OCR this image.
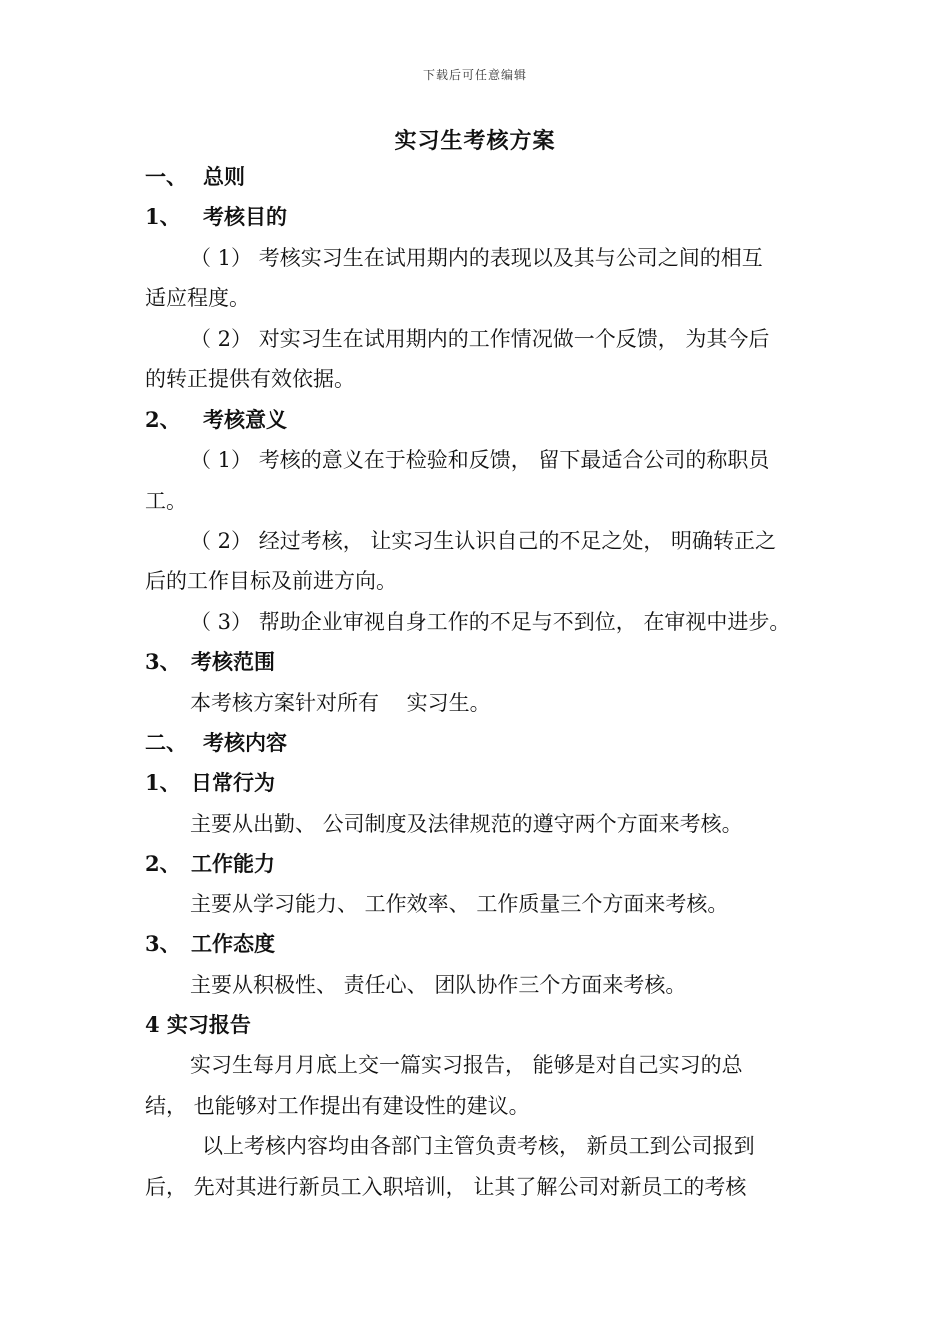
下载后可任意编辑
实习生考核方案
一、 总则
1、 考核目的
（ 1） 考核实习生在试用期内的表现以及其与公司之间的相互
适应程度。
（ 2） 对实习生在试用期内的工作情况做一个反馈， 为其今后
的转正提供有效依据。
2、 考核意义
（ 1） 考核的意义在于检验和反馈， 留下最适合公司的称职员
工。
（ 2） 经过考核， 让实习生认识自己的不足之处， 明确转正之
后的工作目标及前进方向。
（ 3） 帮助企业审视自身工作的不足与不到位， 在审视中进步。
3、 考核范围
本考核方案针对所有 　实习生。
二、 考核内容
1、 日常行为
主要从出勤、 公司制度及法律规范的遵守两个方面来考核。
2、 工作能力
主要从学习能力、 工作效率、 工作质量三个方面来考核。
3、 工作态度
主要从积极性、 责任心、 团队协作三个方面来考核。
4 实习报告
实习生每月月底上交一篇实习报告， 能够是对自己实习的总
结， 也能够对工作提出有建设性的建议。
以上考核内容均由各部门主管负责考核， 新员工到公司报到
后， 先对其进行新员工入职培训， 让其了解公司对新员工的考核
